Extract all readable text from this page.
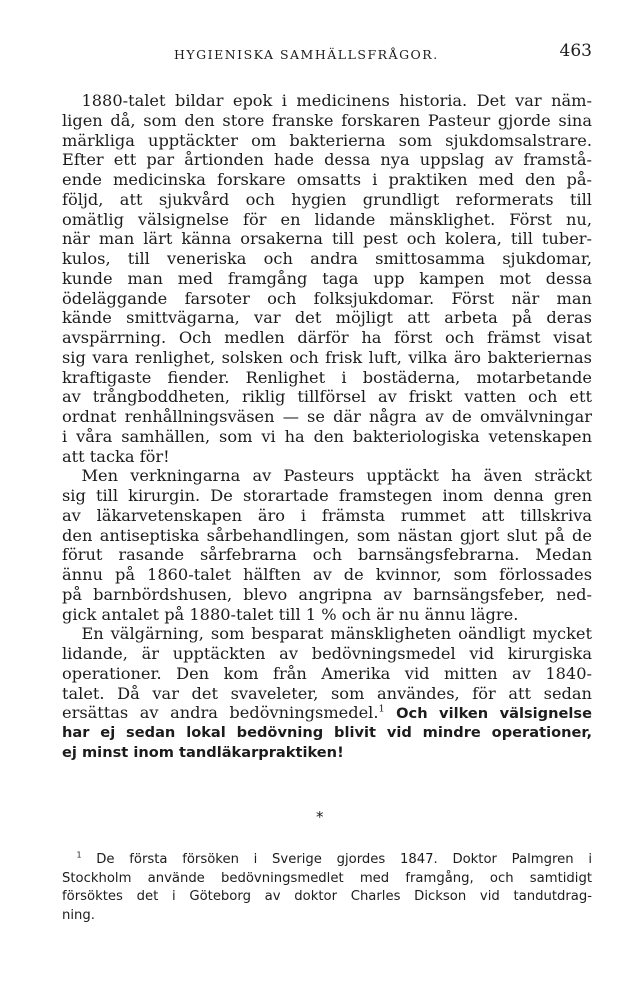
HYGIENISKA SAMHÄLLSFRÅGOR.	463
1880-talet bildar epok i medicinens historia. Det var näm-
ligen då, som den store franske forskaren Pasteur gjorde sina
märkliga upptäckter om bakterierna som sjukdomsalstrare.
Efter ett par årtionden hade dessa nya uppslag av framstå-
ende medicinska forskare omsatts i praktiken med den på-
följd, att sjukvård och hygien grundligt reformerats till
omätlig välsignelse för en lidande mänsklighet. Först nu,
när man lärt känna orsakerna till pest och kolera, till tuber-
kulos, till veneriska och andra smittosamma sjukdomar,
kunde man med framgång taga upp kampen mot dessa
ödeläggande farsoter och folksjukdomar. Först när man
kände smittvägarna, var det möjligt att arbeta på deras
avspärrning. Och medlen därför ha först och främst visat
sig vara renlighet, solsken och frisk luft, vilka äro bakteriernas
kraftigaste fiender. Renlighet i bostäderna, motarbetande
av trångboddheten, riklig tillförsel av friskt vatten och ett
ordnat renhållningsväsen — se där några av de omvälvningar
i våra samhällen, som vi ha den bakteriologiska vetenskapen
att tacka för!
Men verkningarna av Pasteurs upptäckt ha även sträckt
sig till kirurgin. De storartade framstegen inom denna gren
av läkarvetenskapen äro i främsta rummet att tillskriva
den antiseptiska sårbehandlingen, som nästan gjort slut på de
förut rasande sårfebrarna och barnsängsfebrarna. Medan
ännu på 1860-talet hälften av de kvinnor, som förlossades
på barnbördshusen, blevo angripna av barnsängsfeber, ned-
gick antalet på 1880-talet till 1 % och är nu ännu lägre.
En välgärning, som besparat mänskligheten oändligt mycket
lidande, är upptäckten av bedövningsmedel vid kirurgiska
operationer. Den kom från Amerika vid mitten av 1840-
talet. Då var det svaveleter, som användes, för att sedan
ersättas av andra bedövningsmedel.$^1$ Och vilken välsignelse
har ej sedan lokal bedövning blivit vid mindre operationer,
ej minst inom tandläkarpraktiken!
*
$^1$ De första försöken i Sverige gjordes 1847. Doktor Palmgren i
Stockholm använde bedövningsmedlet med framgång, och samtidigt
försöktes det i Göteborg av doktor Charles Dickson vid tandutdrag-
ning.
